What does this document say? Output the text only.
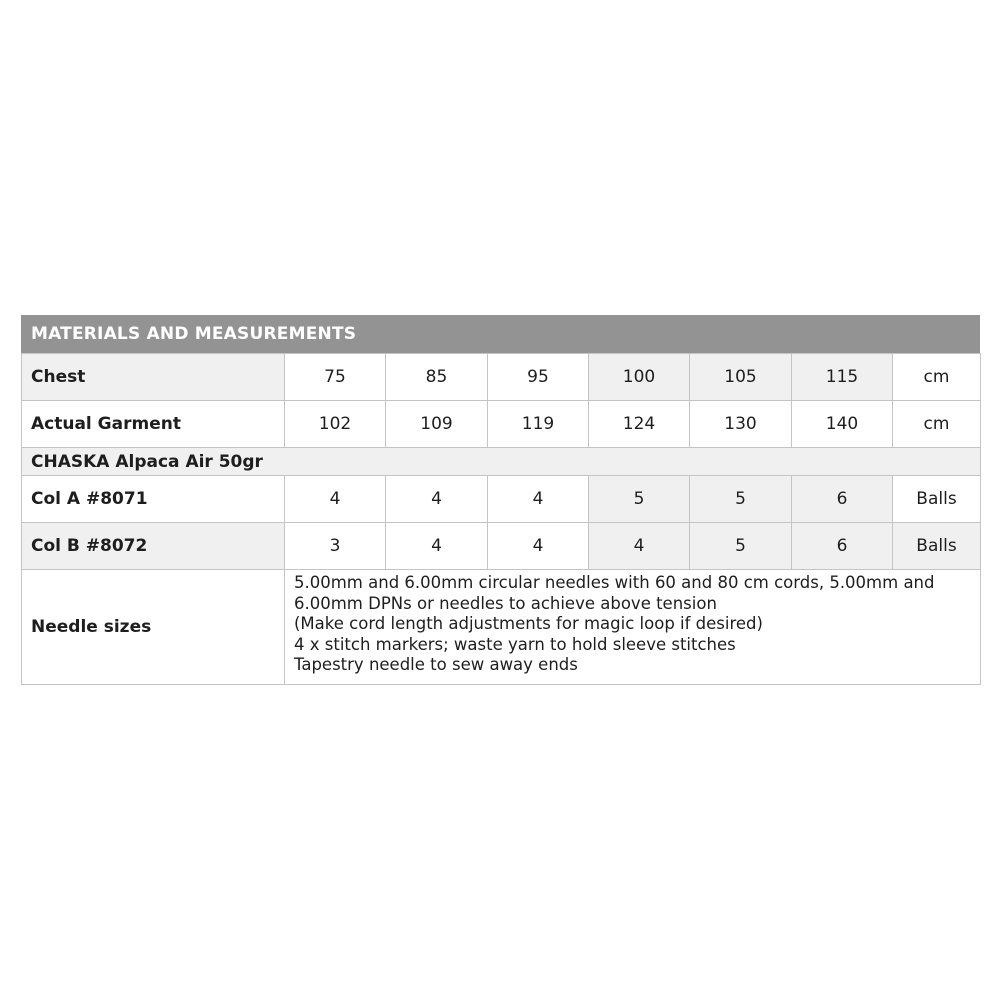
MATERIALS AND MEASUREMENTS
Chest	75	85	95	100	105	115	cm
Actual Garment	102	109	119	124	130	140	cm
CHASKA Alpaca Air 50gr							
Col A #8071	4	4	4	5	5	6	Balls
Col B #8072	3	4	4	4	5	6	Balls
Needle sizes	5.00mm and 6.00mm circular needles with 60 and 80 cm cords, 5.00mm and
6.00mm DPNs or needles to achieve above tension
(Make cord length adjustments for magic loop if desired)
4 x stitch markers; waste yarn to hold sleeve stitches
Tapestry needle to sew away ends						
